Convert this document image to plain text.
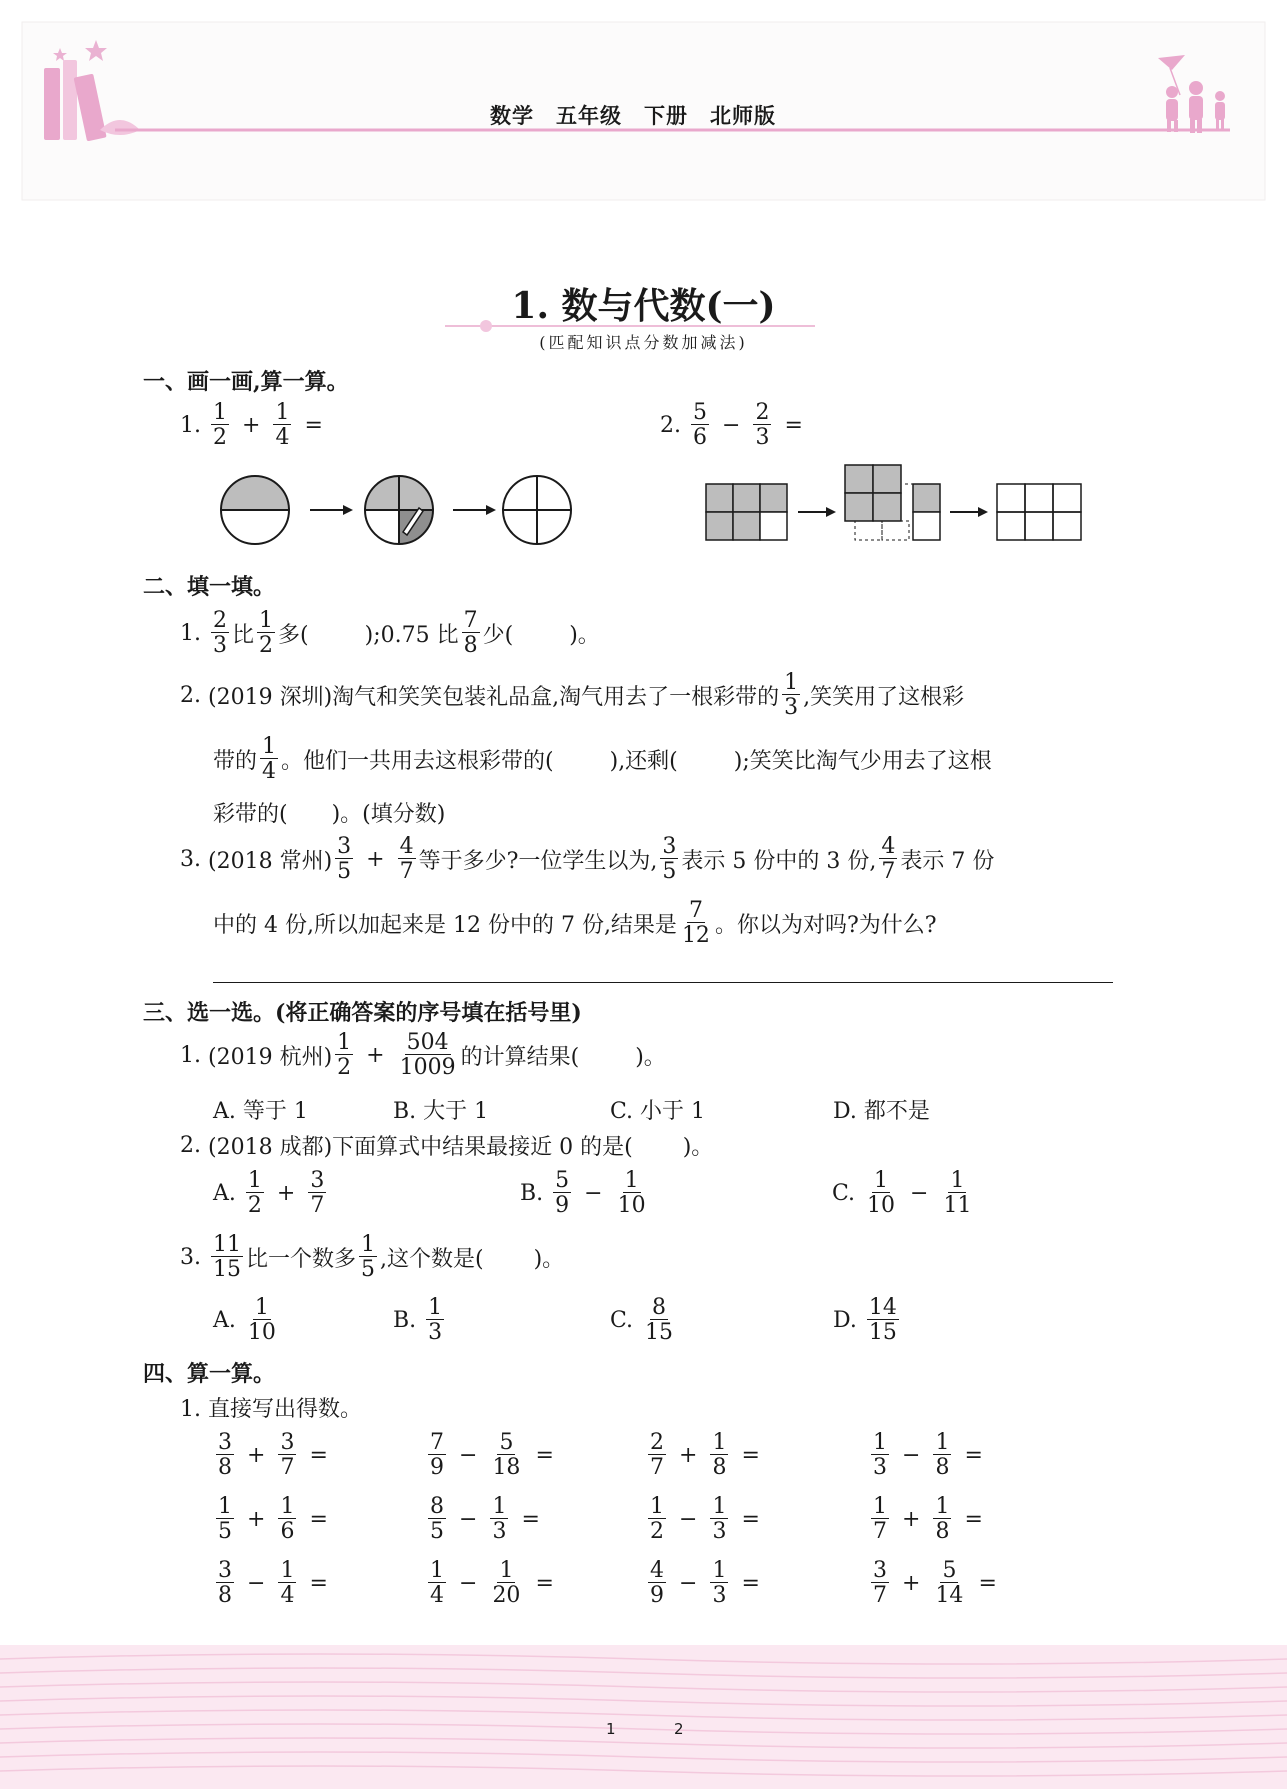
数学 五年级 下册 北师版
1. 数与代数(一)
(匹配知识点分数加减法)
一、画一画,算一算。
1.
$\frac{1}{2} + \frac{1}{4}$ =	2.
$\frac{5}{6} - \frac{2}{3}$ =
二、填一填。
1.
$\frac{2}{3}$ 比 $\frac{1}{2}$ 多(	);0.75 比 $\frac{7}{8}$ 少(	)。
2.
(2019 深圳)淘气和笑笑包装礼品盒,淘气用去了一根彩带的 $\frac{1}{3}$ ,笑笑用了这根彩
带的 $\frac{1}{4}$ 。他们一共用去这根彩带的(	),还剩(	);笑笑比淘气少用去了这根
彩带的( )。(填分数)
3.
(2018 常州) $\frac{3}{5} + \frac{4}{7}$ 等于多少?一位学生以为, $\frac{3}{5}$ 表示 5 份中的 3 份, $\frac{4}{7}$ 表示 7 份
中的 4 份,所以加起来是 12 份中的 7 份,结果是 $\frac{7}{12}$ 。你以为对吗?为什么?
三、选一选。(将正确答案的序号填在括号里)
1.
(2019 杭州) $\frac{1}{2} + \frac{504}{1009}$ 的计算结果(	)。
A. 等于 1	B. 大于 1	C. 小于 1	D. 都不是
2.
(2018 成都)下面算式中结果最接近 0 的是( )。
A.
$\frac{1}{2} + \frac{3}{7}$	B.
$\frac{5}{9} - \frac{1}{10}$	C.
$\frac{1}{10} - \frac{1}{11}$
3.
$\frac{11}{15}$ 比一个数多 $\frac{1}{5}$ ,这个数是( )。
A.
$\frac{1}{10}$	B.
$\frac{1}{3}$	C.
$\frac{8}{15}$	D.
$\frac{14}{15}$
四、算一算。
1. 直接写出得数。
$\frac{3}{8} + \frac{3}{7}$ =	$\frac{7}{9} - \frac{5}{18}$ =	$\frac{2}{7} + \frac{1}{8}$ =	$\frac{1}{3} - \frac{1}{8}$ =
$\frac{1}{5} + \frac{1}{6}$ =	$\frac{8}{5} - \frac{1}{3}$ =	$\frac{1}{2} - \frac{1}{3}$ =	$\frac{1}{7} + \frac{1}{8}$ =
$\frac{3}{8} - \frac{1}{4}$ =	$\frac{1}{4} - \frac{1}{20}$ =	$\frac{4}{9} - \frac{1}{3}$ =	$\frac{3}{7} + \frac{5}{14}$ =
1	2
